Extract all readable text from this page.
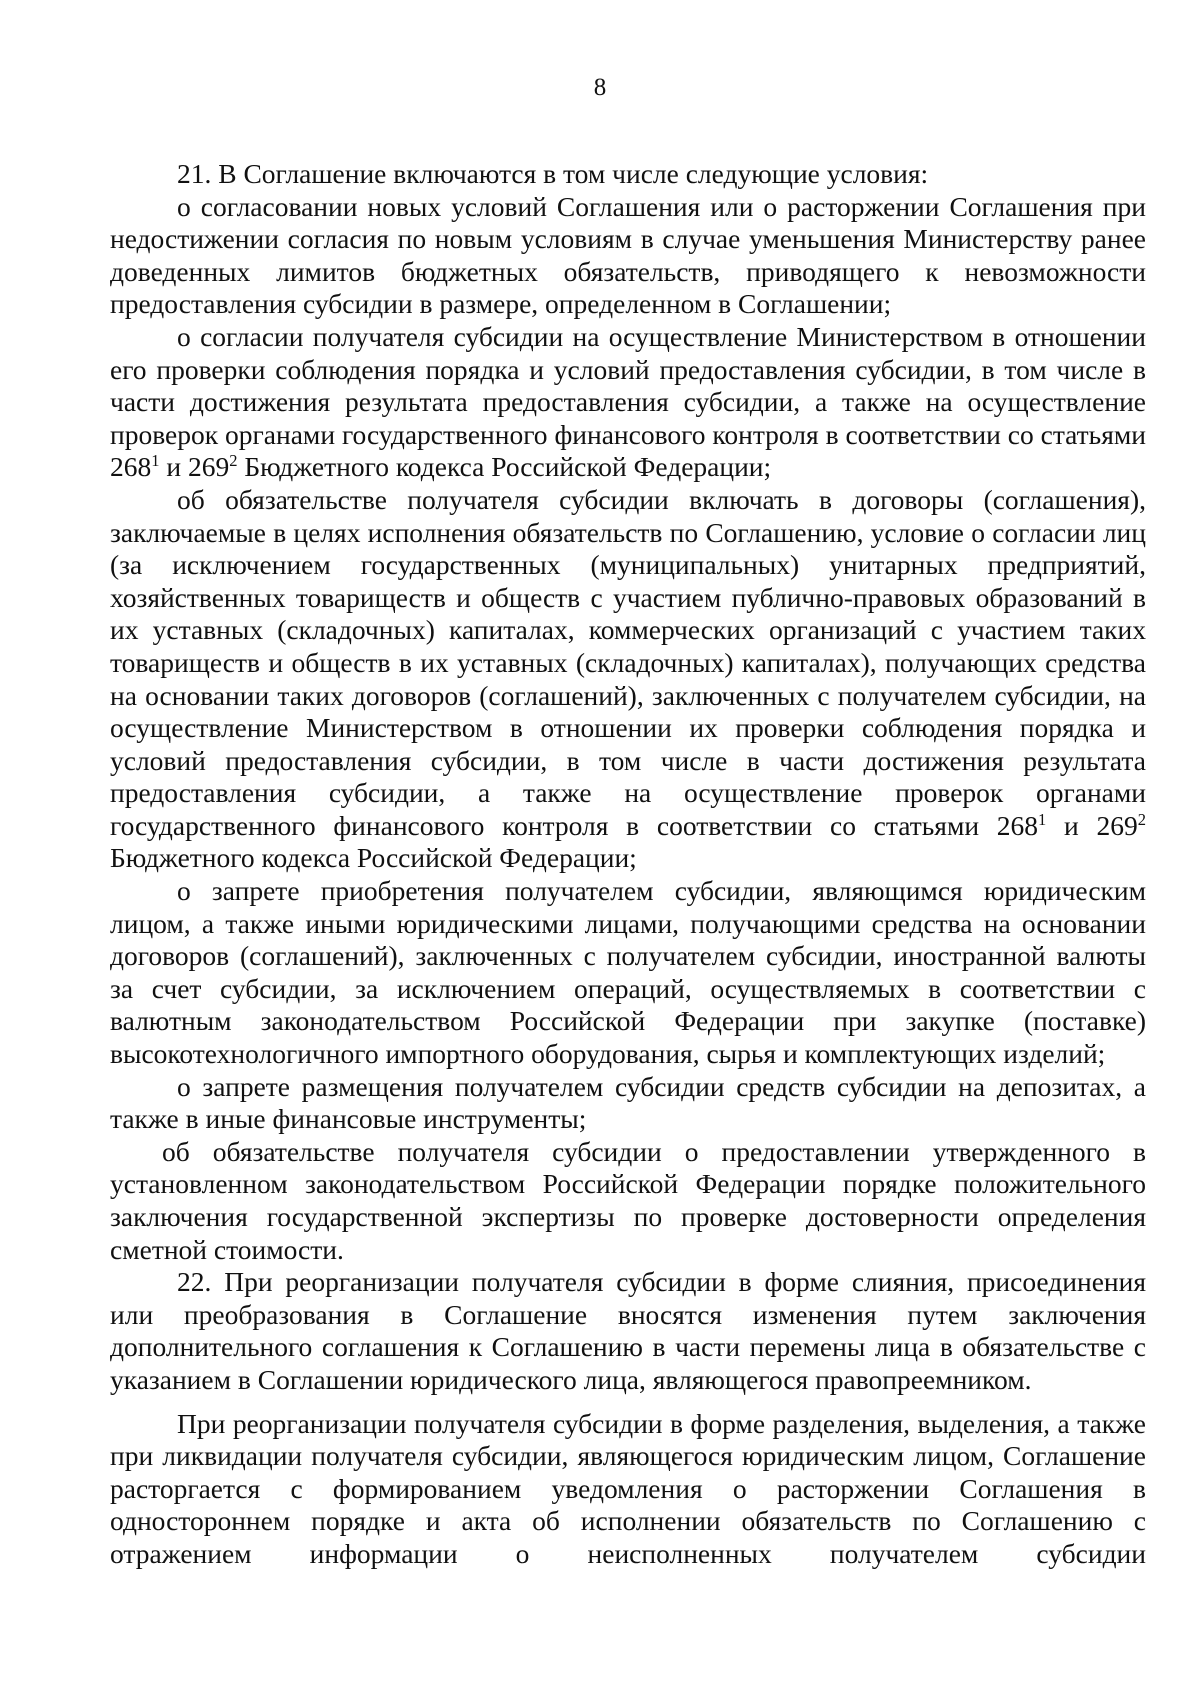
8

21. В Соглашение включаются в том числе следующие условия:

о согласовании новых условий Соглашения или о расторжении Соглашения при недостижении согласия по новым условиям в случае уменьшения Министерству ранее доведенных лимитов бюджетных обязательств, приводящего к невозможности предоставления субсидии в размере, определенном в Соглашении;

о согласии получателя субсидии на осуществление Министерством в отношении его проверки соблюдения порядка и условий предоставления субсидии, в том числе в части достижения результата предоставления субсидии, а также на осуществление проверок органами государственного финансового контроля в соответствии со статьями $268^1$ и $269^2$ Бюджетного кодекса Российской Федерации;

об обязательстве получателя субсидии включать в договоры (соглашения), заключаемые в целях исполнения обязательств по Соглашению, условие о согласии лиц (за исключением государственных (муниципальных) унитарных предприятий, хозяйственных товариществ и обществ с участием публично-правовых образований в их уставных (складочных) капиталах, коммерческих организаций с участием таких товариществ и обществ в их уставных (складочных) капиталах), получающих средства на основании таких договоров (соглашений), заключенных с получателем субсидии, на осуществление Министерством в отношении их проверки соблюдения порядка и условий предоставления субсидии, в том числе в части достижения результата предоставления субсидии, а также на осуществление проверок органами государственного финансового контроля в соответствии со статьями $268^1$ и $269^2$ Бюджетного кодекса Российской Федерации;

о запрете приобретения получателем субсидии, являющимся юридическим лицом, а также иными юридическими лицами, получающими средства на основании договоров (соглашений), заключенных с получателем субсидии, иностранной валюты за счет субсидии, за исключением операций, осуществляемых в соответствии с валютным законодательством Российской Федерации при закупке (поставке) высокотехнологичного импортного оборудования, сырья и комплектующих изделий;

о запрете размещения получателем субсидии средств субсидии на депозитах, а также в иные финансовые инструменты;

об обязательстве получателя субсидии о предоставлении утвержденного в установленном законодательством Российской Федерации порядке положительного заключения государственной экспертизы по проверке достоверности определения сметной стоимости.

22. При реорганизации получателя субсидии в форме слияния, присоединения или преобразования в Соглашение вносятся изменения путем заключения дополнительного соглашения к Соглашению в части перемены лица в обязательстве с указанием в Соглашении юридического лица, являющегося правопреемником.

При реорганизации получателя субсидии в форме разделения, выделения, а также при ликвидации получателя субсидии, являющегося юридическим лицом, Соглашение расторгается с формированием уведомления о расторжении Соглашения в одностороннем порядке и акта об исполнении обязательств по Соглашению с отражением информации о неисполненных получателем субсидии
